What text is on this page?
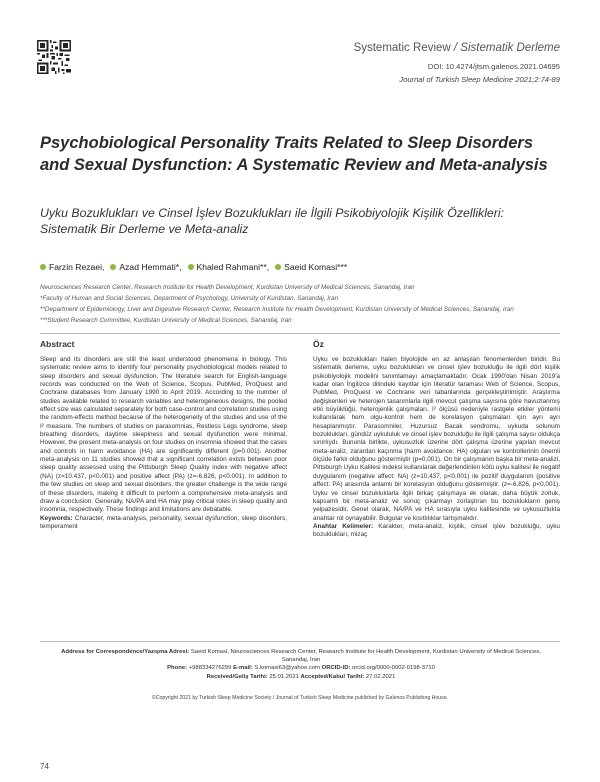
Systematic Review / Sistematik Derleme
DOI: 10.4274/jtsm.galenos.2021.04695
Journal of Turkish Sleep Medicine 2021;2:74-89
Psychobiological Personality Traits Related to Sleep Disorders and Sexual Dysfunction: A Systematic Review and Meta-analysis
Uyku Bozuklukları ve Cinsel İşlev Bozuklukları ile İlgili Psikobiyolojik Kişilik Özellikleri: Sistematik Bir Derleme ve Meta-analiz
Farzin Rezaei, Azad Hemmati*, Khaled Rahmani**, Saeid Komasi***
Neurosciences Research Center, Research Institute for Health Development, Kurdistan University of Medical Sciences, Sanandaj, Iran
*Faculty of Human and Social Sciences, Department of Psychology, University of Kurdistan, Sanandaj, Iran
**Department of Epidemiology, Liver and Digestive Research Center, Research Institute for Health Development, Kurdistan University of Medical Sciences, Sanandaj, Iran
***Student Research Committee, Kurdistan University of Medical Sciences, Sanandaj, Iran
Abstract	Öz
Sleep and its disorders are still the least understood phenomena in biology. This systematic review aims to identify four personality psychobiological models related to sleep disorders and sexual dysfunction. The literature search for English-language records was conducted on the Web of Science, Scopus, PubMed, ProQuest and Cochrane databases from January 1990 to April 2019. According to the number of studies available related to research variables and heterogeneous designs, the pooled effect size was calculated separately for both case-control and correlation studies using the random-effects method because of the heterogeneity of the studies and use of the I² measure. The numbers of studies on parasomnias, Restless Legs syndrome, sleep breathing disorders, daytime sleepiness and sexual dysfunction were minimal. However, the present meta-analysis on four studies on insomnia showed that the cases and controls in harm avoidance (HA) are significantly different (p=0.001). Another meta-analysis on 11 studies showed that a significant correlation exists between poor sleep quality assessed using the Pittsburgh Sleep Quality index with negative affect (NA) (z=10.437, p<0.001) and positive affect (PA) (z=-6.826, p<0.001). In addition to the few studies on sleep and sexual disorders, the greater challenge is the wide range of these disorders, making it difficult to perform a comprehensive meta-analysis and draw a conclusion. Generally, NA/PA and HA may play critical roles in sleep quality and insomnia, respectively. These findings and limitations are debatable.
Keywords: Character, meta-analysis, personality, sexual dysfunction, sleep disorders, temperament
Uyku ve bozuklukları halen biyolojide en az anlaşılan fenomenlerden biridir. Bu sistematik derleme, uyku bozuklukları ve cinsel işlev bozukluğu ile ilgili dört kişilik psikobiyolojik modelini tanımlamayı amaçlamaktadır. Ocak 1990'dan Nisan 2019'a kadar olan İngilizce dilindeki kayıtlar için literatür taraması Web of Science, Scopus, PubMed, ProQuest ve Cochrane veri tabanlarında gerçekleştirilmiştir. Araştırma değişkenleri ve heterojen tasarımlarla ilgili mevcut çalışma sayısına göre havuzlanmış etki büyüklüğü, heterojenlik çalışmaları, I² ölçüsü nedeniyle rastgele etkiler yöntemi kullanılarak hem olgu-kontrol hem de korelasyon çalışmaları için ayrı ayrı hesaplanmıştır. Parasomniler, Huzursuz Bacak sendromu, uykuda solunum bozuklukları, gündüz uykululuk ve cinsel işlev bozukluğu ile ilgili çalışma sayısı oldukça sınırlıydı. Bununla birlikte, uykusuzluk üzerine dört çalışma üzerine yapılan mevcut meta-analiz, zarardan kaçınma (harm avoidance: HA) olguları ve kontrollerinin önemli ölçüde farklı olduğunu göstermiştir (p=0,001). On bir çalışmanın başka bir meta-analizi, Pittsburgh Uyku Kalitesi indeksi kullanılarak değerlendirilen kötü uyku kalitesi ile negatif duygulanım (negative affect: NA) (z=10,437, p<0,001) ile pozitif duygulanım (positive affect: PA) arasında anlamlı bir korelasyon olduğunu göstermiştir. (z=-6,826, p<0,001). Uyku ve cinsel bozukluklarla ilgili birkaç çalışmaya ek olarak, daha büyük zorluk, kapsamlı bir meta-analiz ve sonuç çıkarmayı zorlaştıran bu bozuklukların geniş yelpazesidir. Genel olarak, NA/PA ve HA sırasıyla uyku kalitesinde ve uykusuzlukta anahtar rol oynayabilir. Bulgular ve kısıtlılıklar tartışmalıdır.
Anahtar Kelimeler: Karakter, meta-analiz, kişilik, cinsel işlev bozukluğu, uyku bozuklukları, mizaç
Address for Correspondence/Yazışma Adresi: Saeid Komasi, Neurosciences Research Center, Research Institute for Health Development, Kurdistan University of Medical Sciences, Sanandaj, Iran
Phone: +988334276299 E-mail: S.komasi63@yahoo.com ORCID-ID: orcid.org/0000-0002-0198-3710
Received/Geliş Tarihi: 25.01.2021 Accepted/Kabul Tarihi: 27.02.2021
©Copyright 2021 by Turkish Sleep Medicine Society / Journal of Turkish Sleep Medicine published by Galenos Publishing House.
74
